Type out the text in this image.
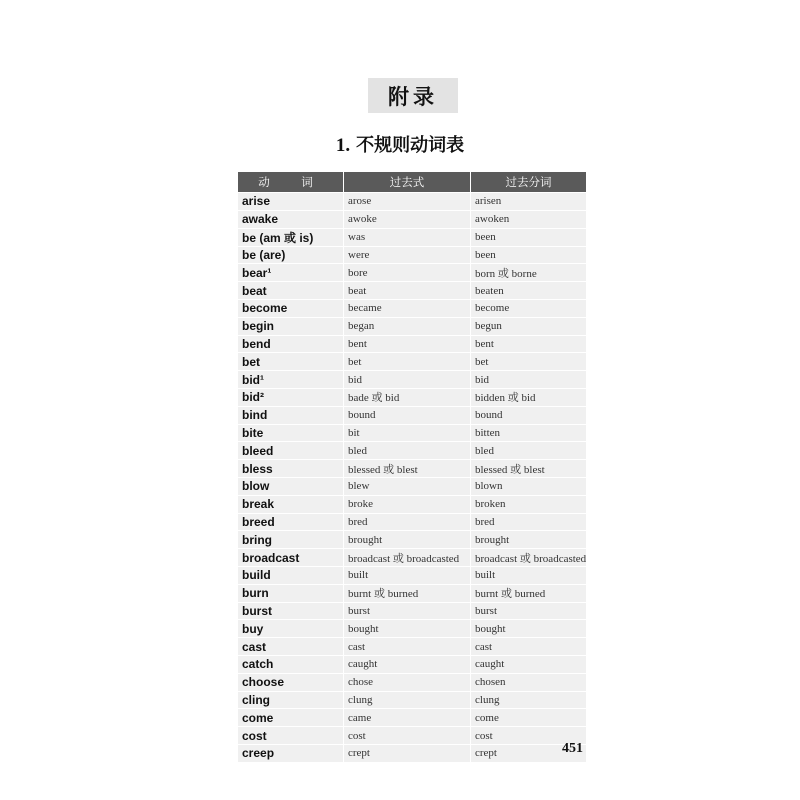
附录
1. 不规则动词表
动　词	过去式	过去分词
arise	arose	arisen
awake	awoke	awoken
be (am 或 is)	was	been
be (are)	were	been
bear¹	bore	born 或 borne
beat	beat	beaten
become	became	become
begin	began	begun
bend	bent	bent
bet	bet	bet
bid¹	bid	bid
bid²	bade 或 bid	bidden 或 bid
bind	bound	bound
bite	bit	bitten
bleed	bled	bled
bless	blessed 或 blest	blessed 或 blest
blow	blew	blown
break	broke	broken
breed	bred	bred
bring	brought	brought
broadcast	broadcast 或 broadcasted	broadcast 或 broadcasted
build	built	built
burn	burnt 或 burned	burnt 或 burned
burst	burst	burst
buy	bought	bought
cast	cast	cast
catch	caught	caught
choose	chose	chosen
cling	clung	clung
come	came	come
cost	cost	cost
creep	crept	crept	451
